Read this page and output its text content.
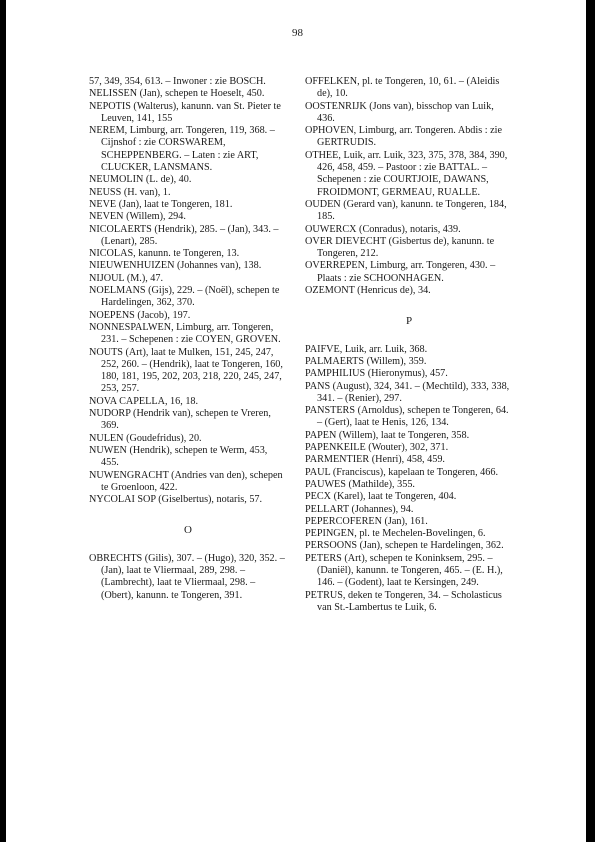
98

57, 349, 354, 613. – Inwoner : zie BOSCH.

NELISSEN (Jan), schepen te Hoeselt, 450.

NEPOTIS (Walterus), kanunn. van St. Pieter te Leuven, 141, 155

NEREM, Limburg, arr. Tongeren, 119, 368. – Cijnshof : zie CORSWAREM, SCHEPPENBERG. – Laten : zie ART, CLUCKER, LANSMANS.

NEUMOLIN (L. de), 40.

NEUSS (H. van), 1.

NEVE (Jan), laat te Tongeren, 181.

NEVEN (Willem), 294.

NICOLAERTS (Hendrik), 285. – (Jan), 343. – (Lenart), 285.

NICOLAS, kanunn. te Tongeren, 13.

NIEUWENHUIZEN (Johannes van), 138.

NIJOUL (M.), 47.

NOELMANS (Gijs), 229. – (Noël), schepen te Hardelingen, 362, 370.

NOEPENS (Jacob), 197.

NONNESPALWEN, Limburg, arr. Tongeren, 231. – Schepenen : zie COYEN, GROVEN.

NOUTS (Art), laat te Mulken, 151, 245, 247, 252, 260. – (Hendrik), laat te Tongeren, 160, 180, 181, 195, 202, 203, 218, 220, 245, 247, 253, 257.

NOVA CAPELLA, 16, 18.

NUDORP (Hendrik van), schepen te Vreren, 369.

NULEN (Goudefridus), 20.

NUWEN (Hendrik), schepen te Werm, 453, 455.

NUWENGRACHT (Andries van den), schepen te Groenloon, 422.

NYCOLAI SOP (Giselbertus), notaris, 57.

O

OBRECHTS (Gilis), 307. – (Hugo), 320, 352. – (Jan), laat te Vliermaal, 289, 298. – (Lambrecht), laat te Vliermaal, 298. – (Obert), kanunn. te Tongeren, 391.

OFFELKEN, pl. te Tongeren, 10, 61. – (Aleidis de), 10.

OOSTENRIJK (Jons van), bisschop van Luik, 436.

OPHOVEN, Limburg, arr. Tongeren. Abdis : zie GERTRUDIS.

OTHEE, Luik, arr. Luik, 323, 375, 378, 384, 390, 426, 458, 459. – Pastoor : zie BATTAL. – Schepenen : zie COURTJOIE, DAWANS, FROIDMONT, GERMEAU, RUALLE.

OUDEN (Gerard van), kanunn. te Tongeren, 184, 185.

OUWERCX (Conradus), notaris, 439.

OVER DIEVECHT (Gisbertus de), kanunn. te Tongeren, 212.

OVERREPEN, Limburg, arr. Tongeren, 430. – Plaats : zie SCHOONHAGEN.

OZEMONT (Henricus de), 34.

P

PAIFVE, Luik, arr. Luik, 368.

PALMAERTS (Willem), 359.

PAMPHILIUS (Hieronymus), 457.

PANS (August), 324, 341. – (Mechtild), 333, 338, 341. – (Renier), 297.

PANSTERS (Arnoldus), schepen te Tongeren, 64. – (Gert), laat te Henis, 126, 134.

PAPEN (Willem), laat te Tongeren, 358.

PAPENKEILE (Wouter), 302, 371.

PARMENTIER (Henri), 458, 459.

PAUL (Franciscus), kapelaan te Tongeren, 466.

PAUWES (Mathilde), 355.

PECX (Karel), laat te Tongeren, 404.

PELLART (Johannes), 94.

PEPERCOFEREN (Jan), 161.

PEPINGEN, pl. te Mechelen-Bovelingen, 6.

PERSOONS (Jan), schepen te Hardelingen, 362.

PETERS (Art), schepen te Koninksem, 295. – (Daniël), kanunn. te Tongeren, 465. – (E. H.), 146. – (Godent), laat te Kersingen, 249.

PETRUS, deken te Tongeren, 34. – Scholasticus van St.-Lambertus te Luik, 6.
